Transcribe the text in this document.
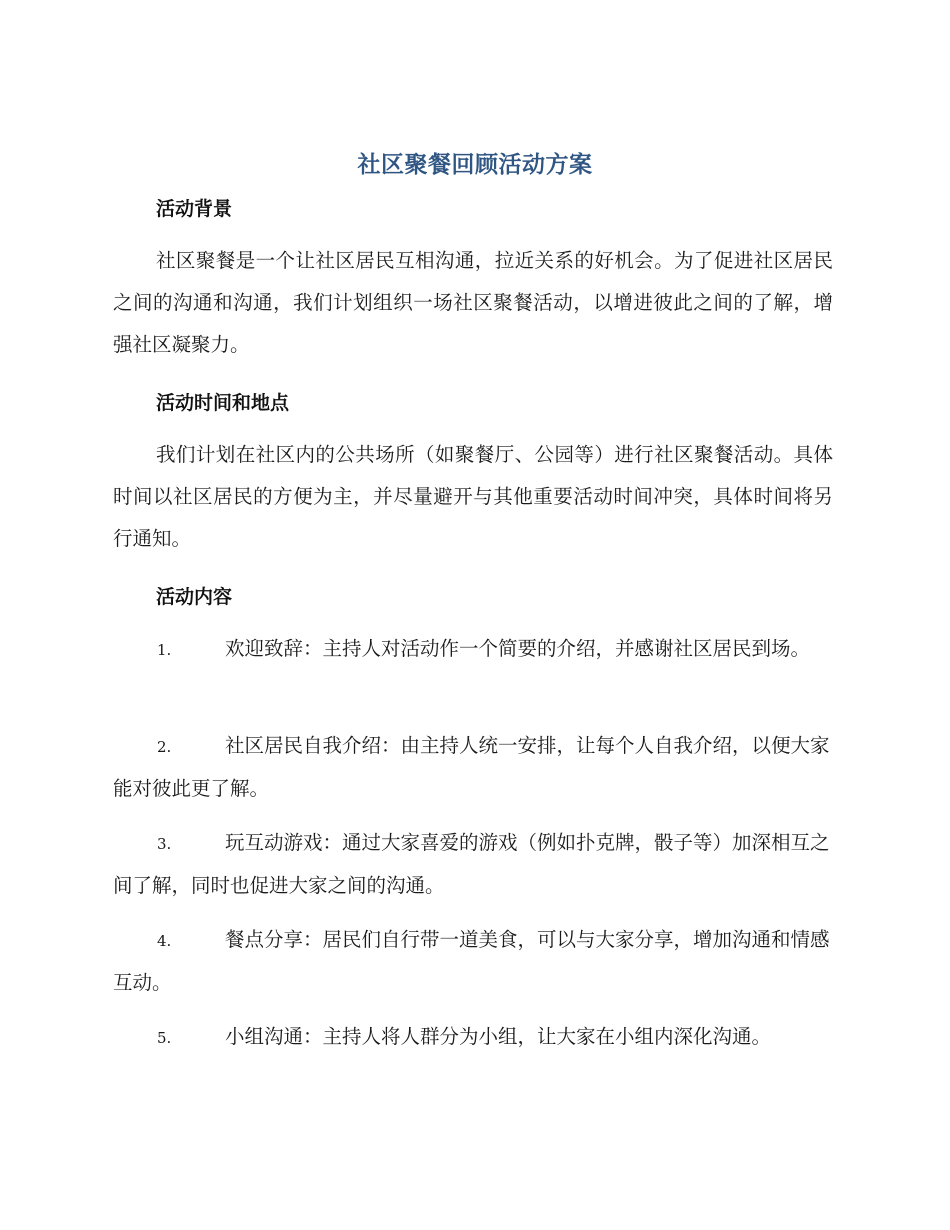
社区聚餐回顾活动方案
活动背景
社区聚餐是一个让社区居民互相沟通，拉近关系的好机会。为了促进社区居民之间的沟通和沟通，我们计划组织一场社区聚餐活动，以增进彼此之间的了解，增强社区凝聚力。
活动时间和地点
我们计划在社区内的公共场所（如聚餐厅、公园等）进行社区聚餐活动。具体时间以社区居民的方便为主，并尽量避开与其他重要活动时间冲突，具体时间将另行通知。
活动内容
1.	欢迎致辞：主持人对活动作一个简要的介绍，并感谢社区居民到场。
2.	社区居民自我介绍：由主持人统一安排，让每个人自我介绍，以便大家能对彼此更了解。
3.	玩互动游戏：通过大家喜爱的游戏（例如扑克牌，骰子等）加深相互之间了解，同时也促进大家之间的沟通。
4.	餐点分享：居民们自行带一道美食，可以与大家分享，增加沟通和情感互动。
5.	小组沟通：主持人将人群分为小组，让大家在小组内深化沟通。
